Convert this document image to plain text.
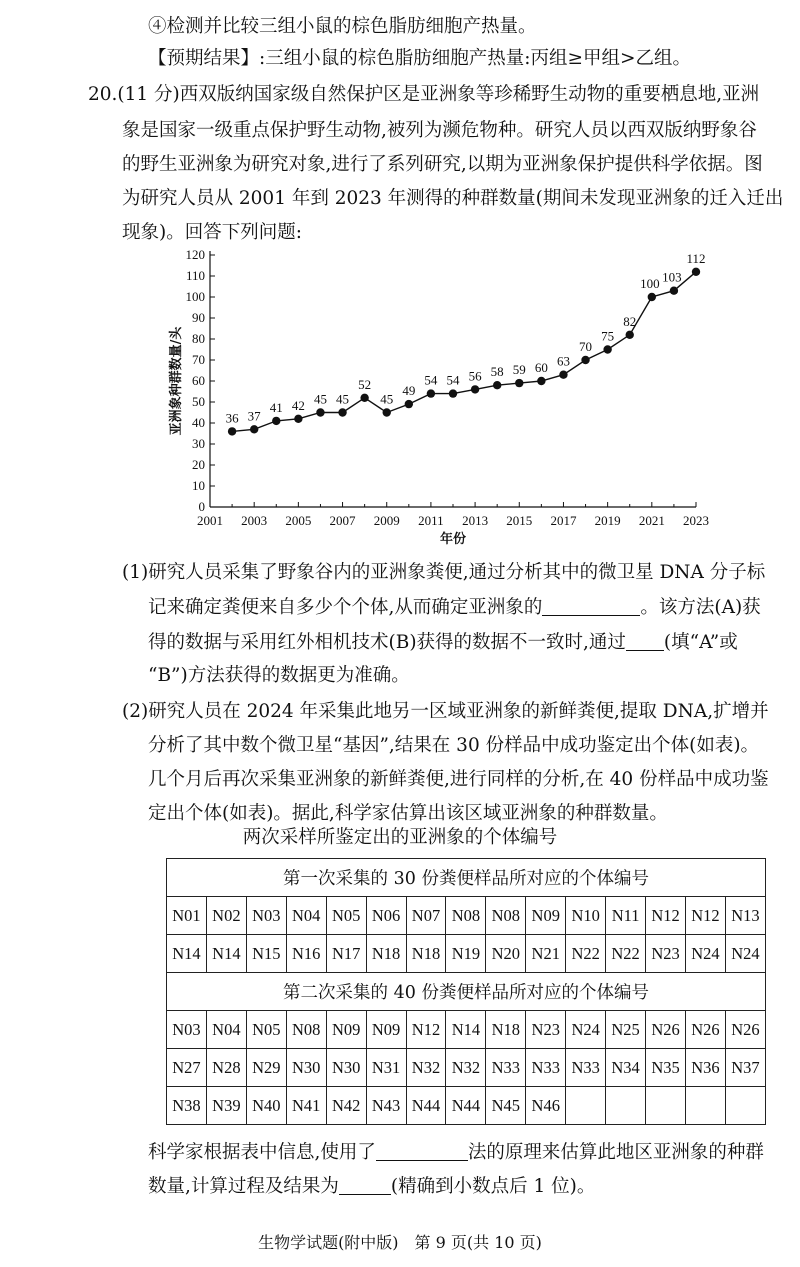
④检测并比较三组小鼠的棕色脂肪细胞产热量。
【预期结果】:三组小鼠的棕色脂肪细胞产热量:丙组≥甲组>乙组。
20.(11 分)西双版纳国家级自然保护区是亚洲象等珍稀野生动物的重要栖息地,亚洲
象是国家一级重点保护野生动物,被列为濒危物种。研究人员以西双版纳野象谷
的野生亚洲象为研究对象,进行了系列研究,以期为亚洲象保护提供科学依据。图
为研究人员从 2001 年到 2023 年测得的种群数量(期间未发现亚洲象的迁入迁出
现象)。回答下列问题:
0
10
20
30
40
50
60
70
80
90
100
110
120
2001 2003 2005 2007 2009 2011 2013 2015 2017 2019 2021 2023
年份
亚洲象种群数量/头	36 37
41 42 45 45
52
45
49
54 54 56 58 59 60 63
70
75
82
100 103
112
(1)研究人员采集了野象谷内的亚洲象粪便,通过分析其中的微卫星 DNA 分子标
记来确定粪便来自多少个个体,从而确定亚洲象的	。该方法(A)获
得的数据与采用红外相机技术(B)获得的数据不一致时,通过 (填“A”或
“B”)方法获得的数据更为准确。
(2)研究人员在 2024 年采集此地另一区域亚洲象的新鲜粪便,提取 DNA,扩增并
分析了其中数个微卫星“基因”,结果在 30 份样品中成功鉴定出个体(如表)。
几个月后再次采集亚洲象的新鲜粪便,进行同样的分析,在 40 份样品中成功鉴
定出个体(如表)。据此,科学家估算出该区域亚洲象的种群数量。
两次采样所鉴定出的亚洲象的个体编号
第一次采集的 30 份粪便样品所对应的个体编号														
N01	N02	N03	N04	N05	N06	N07	N08	N08	N09	N10	N11	N12	N12	N13
N14	N14	N15	N16	N17	N18	N18	N19	N20	N21	N22	N22	N23	N24	N24
第二次采集的 40 份粪便样品所对应的个体编号														
N03	N04	N05	N08	N09	N09	N12	N14	N18	N23	N24	N25	N26	N26	N26
N27	N28	N29	N30	N30	N31	N32	N32	N33	N33	N33	N34	N35	N36	N37
N38	N39	N40	N41	N42	N43	N44	N44	N45	N46					
科学家根据表中信息,使用了	法的原理来估算此地区亚洲象的种群
数量,计算过程及结果为	(精确到小数点后 1 位)。
生物学试题(附中版)　第 9 页(共 10 页)
